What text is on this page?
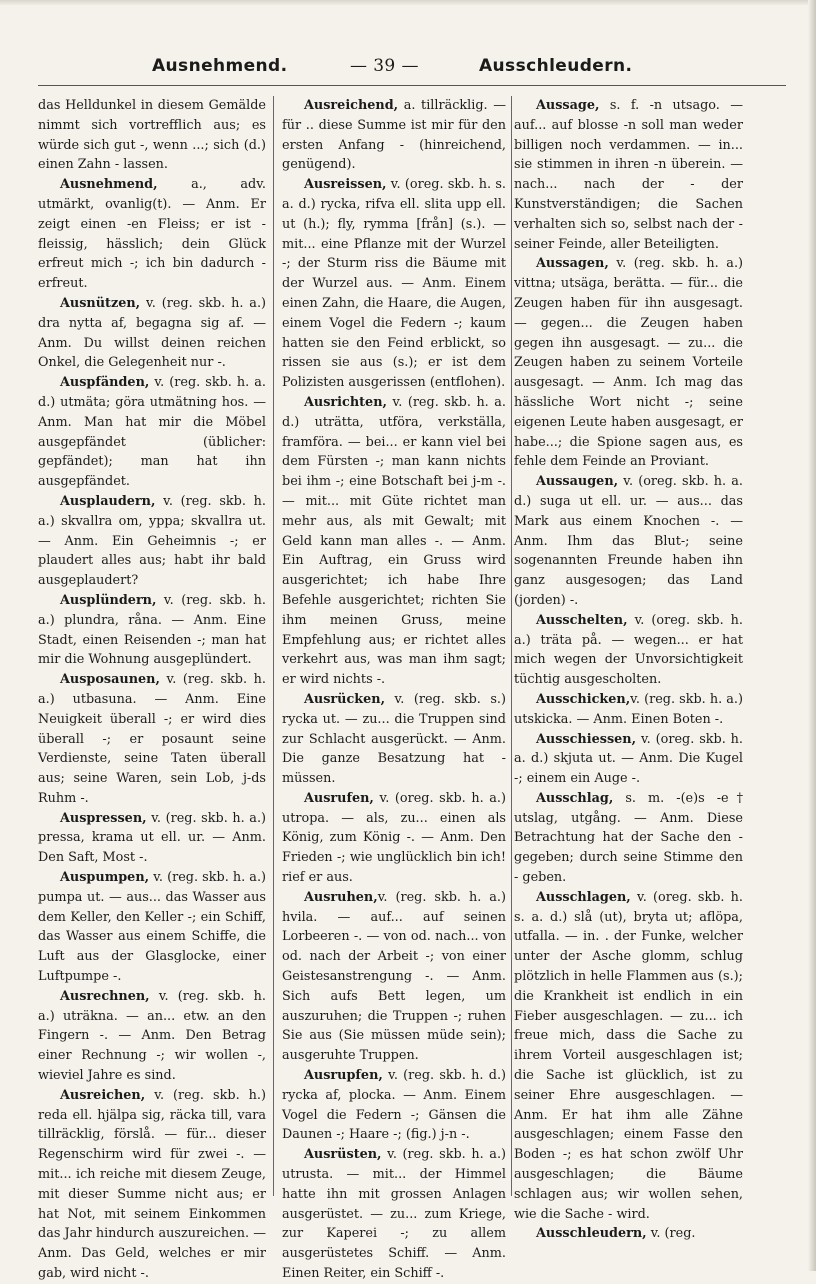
Ausnehmend.	— 39 —	Ausschleudern.

das Helldunkel in diesem Gemälde nimmt sich vortrefflich aus; es würde sich gut -, wenn ...; sich (d.) einen Zahn - lassen.

Ausnehmend, a., adv. utmärkt, ovanlig(t). — Anm. Er zeigt einen -en Fleiss; er ist - fleissig, hässlich; dein Glück erfreut mich -; ich bin dadurch - erfreut.

Ausnützen, v. (reg. skb. h. a.) dra nytta af, begagna sig af. — Anm. Du willst deinen reichen Onkel, die Gelegenheit nur -.

Auspfänden, v. (reg. skb. h. a. d.) utmäta; göra utmätning hos. — Anm. Man hat mir die Möbel ausgepfändet (üblicher: gepfändet); man hat ihn ausgepfändet.

Ausplaudern, v. (reg. skb. h. a.) skvallra om, yppa; skvallra ut. — Anm. Ein Geheimnis -; er plaudert alles aus; habt ihr bald ausgeplaudert?

Ausplündern, v. (reg. skb. h. a.) plundra, råna. — Anm. Eine Stadt, einen Reisenden -; man hat mir die Wohnung ausgeplündert.

Ausposaunen, v. (reg. skb. h. a.) utbasuna. — Anm. Eine Neuigkeit überall -; er wird dies überall -; er posaunt seine Verdienste, seine Taten überall aus; seine Waren, sein Lob, j-ds Ruhm -.

Auspressen, v. (reg. skb. h. a.) pressa, krama ut ell. ur. — Anm. Den Saft, Most -.

Auspumpen, v. (reg. skb. h. a.) pumpa ut. — aus... das Wasser aus dem Keller, den Keller -; ein Schiff, das Wasser aus einem Schiffe, die Luft aus der Glasglocke, einer Luftpumpe -.

Ausrechnen, v. (reg. skb. h. a.) uträkna. — an... etw. an den Fingern -. — Anm. Den Betrag einer Rechnung -; wir wollen -, wieviel Jahre es sind.

Ausreichen, v. (reg. skb. h.) reda ell. hjälpa sig, räcka till, vara tillräcklig, förslå. — für... dieser Regenschirm wird für zwei -. — mit... ich reiche mit diesem Zeuge, mit dieser Summe nicht aus; er hat Not, mit seinem Einkommen das Jahr hindurch auszureichen. — Anm. Das Geld, welches er mir gab, wird nicht -.

Ausreichend, a. tillräcklig. — für .. diese Summe ist mir für den ersten Anfang - (hinreichend, genügend).

Ausreissen, v. (oreg. skb. h. s. a. d.) rycka, rifva ell. slita upp ell. ut (h.); fly, rymma [från] (s.). — mit... eine Pflanze mit der Wurzel -; der Sturm riss die Bäume mit der Wurzel aus. — Anm. Einem einen Zahn, die Haare, die Augen, einem Vogel die Federn -; kaum hatten sie den Feind erblickt, so rissen sie aus (s.); er ist dem Polizisten ausgerissen (entflohen).

Ausrichten, v. (reg. skb. h. a. d.) uträtta, utföra, verkställa, framföra. — bei... er kann viel bei dem Fürsten -; man kann nichts bei ihm -; eine Botschaft bei j-m -. — mit... mit Güte richtet man mehr aus, als mit Gewalt; mit Geld kann man alles -. — Anm. Ein Auftrag, ein Gruss wird ausgerichtet; ich habe Ihre Befehle ausgerichtet; richten Sie ihm meinen Gruss, meine Empfehlung aus; er richtet alles verkehrt aus, was man ihm sagt; er wird nichts -.

Ausrücken, v. (reg. skb. s.) rycka ut. — zu... die Truppen sind zur Schlacht ausgerückt. — Anm. Die ganze Besatzung hat - müssen.

Ausrufen, v. (oreg. skb. h. a.) utropa. — als, zu... einen als König, zum König -. — Anm. Den Frieden -; wie unglücklich bin ich! rief er aus.

Ausruhen,v. (reg. skb. h. a.) hvila. — auf... auf seinen Lorbeeren -. — von od. nach... von od. nach der Arbeit -; von einer Geistesanstrengung -. — Anm. Sich aufs Bett legen, um auszuruhen; die Truppen -; ruhen Sie aus (Sie müssen müde sein); ausgeruhte Truppen.

Ausrupfen, v. (reg. skb. h. d.) rycka af, plocka. — Anm. Einem Vogel die Federn -; Gänsen die Daunen -; Haare -; (fig.) j-n -.

Ausrüsten, v. (reg. skb. h. a.) utrusta. — mit... der Himmel hatte ihn mit grossen Anlagen ausgerüstet. — zu... zum Kriege, zur Kaperei -; zu allem ausgerüstetes Schiff. — Anm. Einen Reiter, ein Schiff -.

Aussage, s. f. -n utsago. — auf... auf blosse -n soll man weder billigen noch verdammen. — in... sie stimmen in ihren -n überein. — nach... nach der - der Kunstverständigen; die Sachen verhalten sich so, selbst nach der - seiner Feinde, aller Beteiligten.

Aussagen, v. (reg. skb. h. a.) vittna; utsäga, berätta. — für... die Zeugen haben für ihn ausgesagt. — gegen... die Zeugen haben gegen ihn ausgesagt. — zu... die Zeugen haben zu seinem Vorteile ausgesagt. — Anm. Ich mag das hässliche Wort nicht -; seine eigenen Leute haben ausgesagt, er habe...; die Spione sagen aus, es fehle dem Feinde an Proviant.

Aussaugen, v. (oreg. skb. h. a. d.) suga ut ell. ur. — aus... das Mark aus einem Knochen -. — Anm. Ihm das Blut-; seine sogenannten Freunde haben ihn ganz ausgesogen; das Land (jorden) -.

Ausschelten, v. (oreg. skb. h. a.) träta på. — wegen... er hat mich wegen der Unvorsichtigkeit tüchtig ausgescholten.

Ausschicken,v. (reg. skb. h. a.) utskicka. — Anm. Einen Boten -.

Ausschiessen, v. (oreg. skb. h. a. d.) skjuta ut. — Anm. Die Kugel -; einem ein Auge -.

Ausschlag, s. m. -(e)s -e† utslag, utgång. — Anm. Diese Betrachtung hat der Sache den - gegeben; durch seine Stimme den - geben.

Ausschlagen, v. (oreg. skb. h. s. a. d.) slå (ut), bryta ut; aflöpa, utfalla. — in. . der Funke, welcher unter der Asche glomm, schlug plötzlich in helle Flammen aus (s.); die Krankheit ist endlich in ein Fieber ausgeschlagen. — zu... ich freue mich, dass die Sache zu ihrem Vorteil ausgeschlagen ist; die Sache ist glücklich, ist zu seiner Ehre ausgeschlagen. — Anm. Er hat ihm alle Zähne ausgeschlagen; einem Fasse den Boden -; es hat schon zwölf Uhr ausgeschlagen; die Bäume schlagen aus; wir wollen sehen, wie die Sache - wird.

Ausschleudern, v. (reg.
